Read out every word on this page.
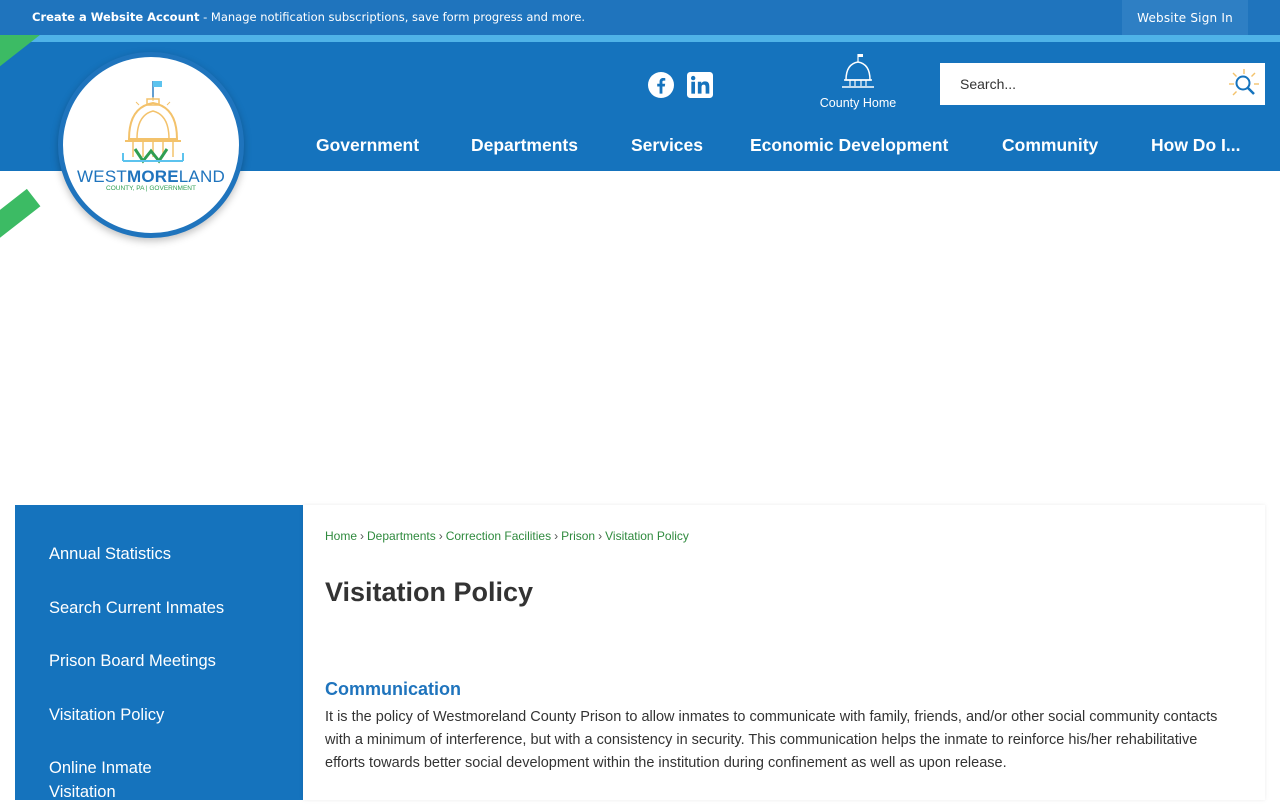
Create a Website Account - Manage notification subscriptions, save form progress and more.	Website Sign In
WESTMORELAND
COUNTY, PA | GOVERNMENT
County Home
Search...
Government	Departments	Services	Economic Development	Community	How Do I...
Annual Statistics
Search Current Inmates
Prison Board Meetings
Visitation Policy
Online Inmate Visitation
Home › Departments › Correction Facilities › Prison › Visitation Policy
Visitation Policy
Communication

It is the policy of Westmoreland County Prison to allow inmates to communicate with family, friends, and/or other social community contacts with a minimum of interference, but with a consistency in security. This communication helps the inmate to reinforce his/her rehabilitative efforts towards better social development within the institution during confinement as well as upon release.
